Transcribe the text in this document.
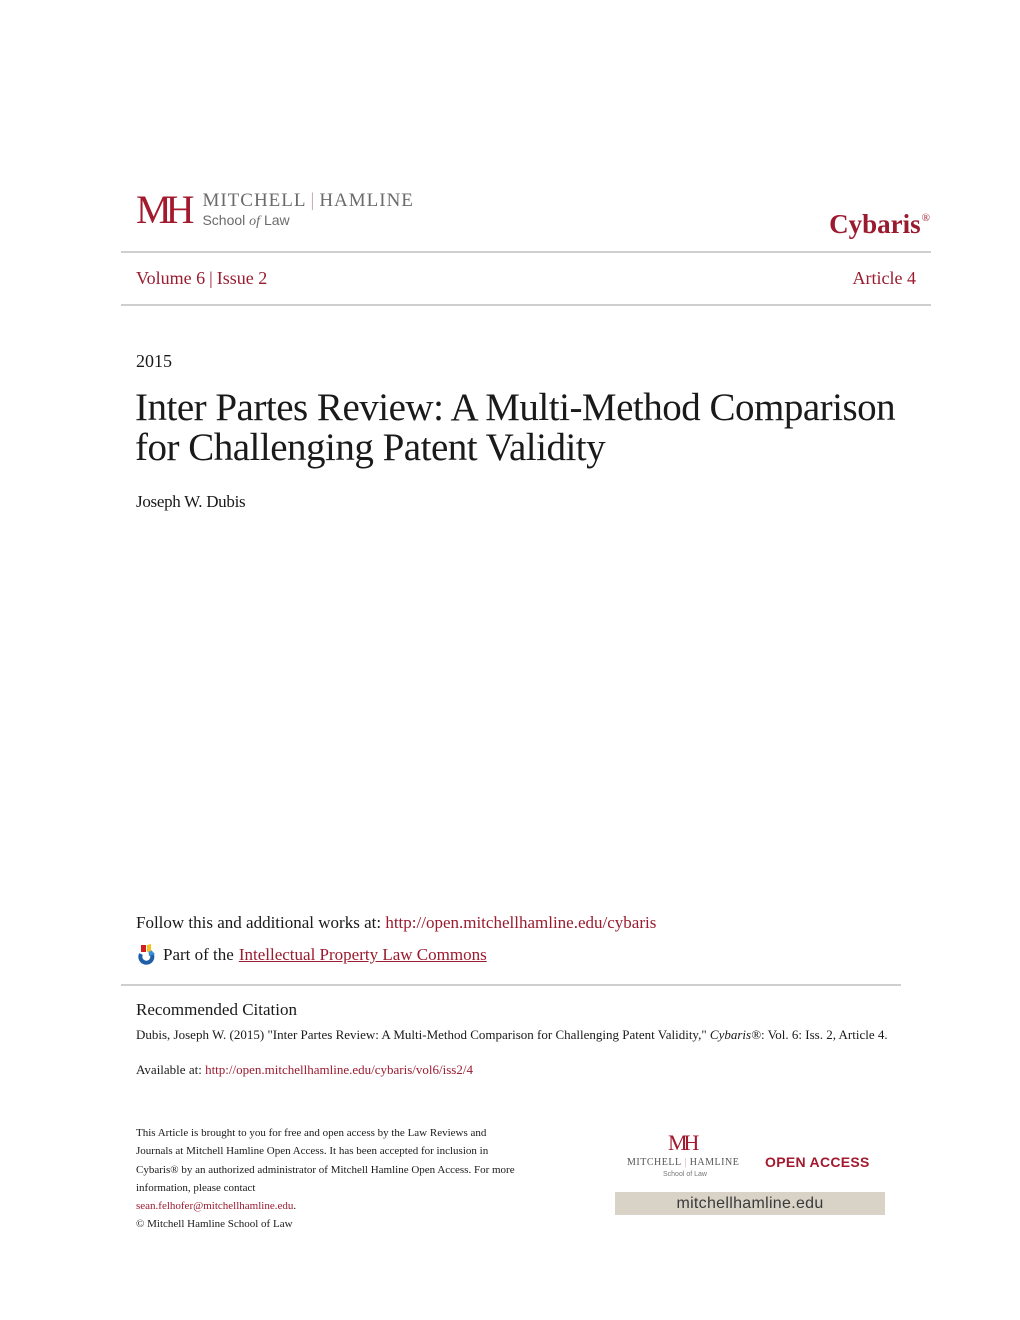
MH MITCHELL | HAMLINE
School of Law	Cybaris®
Volume 6 | Issue 2	Article 4
2015
Inter Partes Review: A Multi-Method Comparison for Challenging Patent Validity
Joseph W. Dubis
Follow this and additional works at: http://open.mitchellhamline.edu/cybaris
Part of the Intellectual Property Law Commons
Recommended Citation
Dubis, Joseph W. (2015) "Inter Partes Review: A Multi-Method Comparison for Challenging Patent Validity," Cybaris®: Vol. 6: Iss. 2, Article 4.
Available at: http://open.mitchellhamline.edu/cybaris/vol6/iss2/4
This Article is brought to you for free and open access by the Law Reviews and Journals at Mitchell Hamline Open Access. It has been accepted for inclusion in Cybaris® by an authorized administrator of Mitchell Hamline Open Access. For more information, please contact
sean.felhofer@mitchellhamline.edu.
© Mitchell Hamline School of Law
MH
MITCHELL | HAMLINE
School of Law
OPEN ACCESS
mitchellhamline.edu
